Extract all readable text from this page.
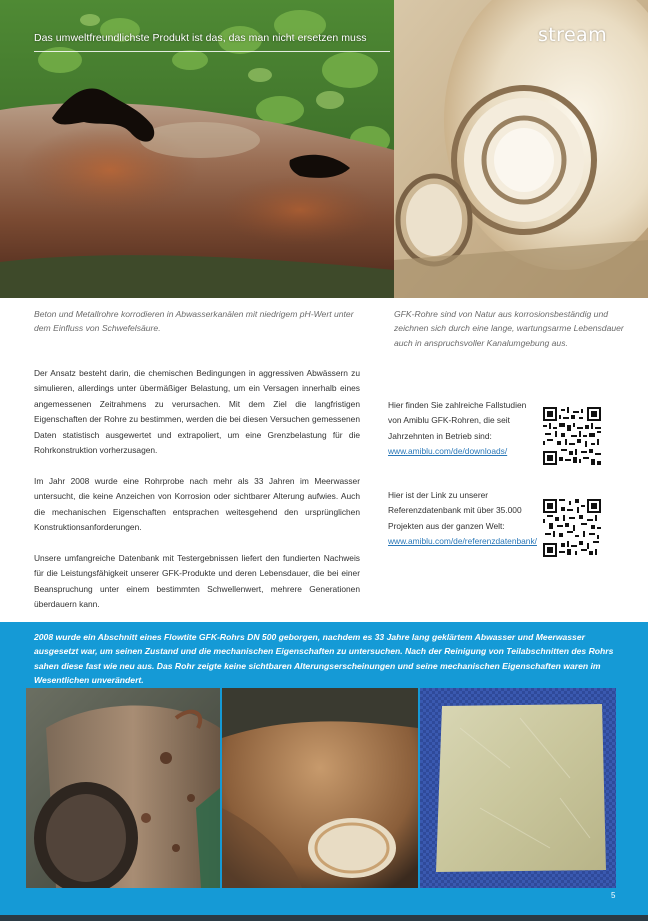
Das umweltfreundlichste Produkt ist das, das man nicht ersetzen muss	stream
Beton und Metallrohre korrodieren in Abwasserkanälen mit niedrigem pH-Wert unter dem Einfluss von Schwefelsäure.
GFK-Rohre sind von Natur aus korrosionsbeständig und zeichnen sich durch eine lange, wartungsarme Lebensdauer auch in anspruchsvoller Kanalumgebung aus.

Der Ansatz besteht darin, die chemischen Bedingungen in aggressiven Abwässern zu simulieren, allerdings unter übermäßiger Belastung, um ein Versagen innerhalb eines angemessenen Zeitrahmens zu verursachen. Mit dem Ziel die langfristigen Eigenschaften der Rohre zu bestimmen, werden die bei diesen Versuchen gemessenen Daten statistisch ausgewertet und extrapoliert, um eine Grenzbelastung für die Rohrkonstruktion vorherzusagen.

Im Jahr 2008 wurde eine Rohrprobe nach mehr als 33 Jahren im Meerwasser untersucht, die keine Anzeichen von Korrosion oder sichtbarer Alterung aufwies. Auch die mechanischen Eigenschaften entsprachen weitesgehend den ursprünglichen Konstruktionsanforderungen.

Unsere umfangreiche Datenbank mit Testergebnissen liefert den fundierten Nachweis für die Leistungsfähigkeit unserer GFK-Produkte und deren Lebensdauer, die bei einer Beanspruchung unter einem bestimmten Schwellenwert, mehrere Generationen überdauern kann.

Hier finden Sie zahlreiche Fallstudien von Amiblu GFK-Rohren, die seit Jahrzehnten in Betrieb sind:
www.amiblu.com/de/downloads/
Hier ist der Link zu unserer Referenzdatenbank mit über 35.000 Projekten aus der ganzen Welt: www.amiblu.com/de/referenzdatenbank/
2008 wurde ein Abschnitt eines Flowtite GFK-Rohrs DN 500 geborgen, nachdem es 33 Jahre lang geklärtem Abwasser und Meerwasser ausgesetzt war, um seinen Zustand und die mechanischen Eigenschaften zu untersuchen. Nach der Reinigung von Teilabschnitten des Rohrs sahen diese fast wie neu aus. Das Rohr zeigte keine sichtbaren Alterungserscheinungen und seine mechanischen Eigenschaften waren im Wesentlichen unverändert.
5
